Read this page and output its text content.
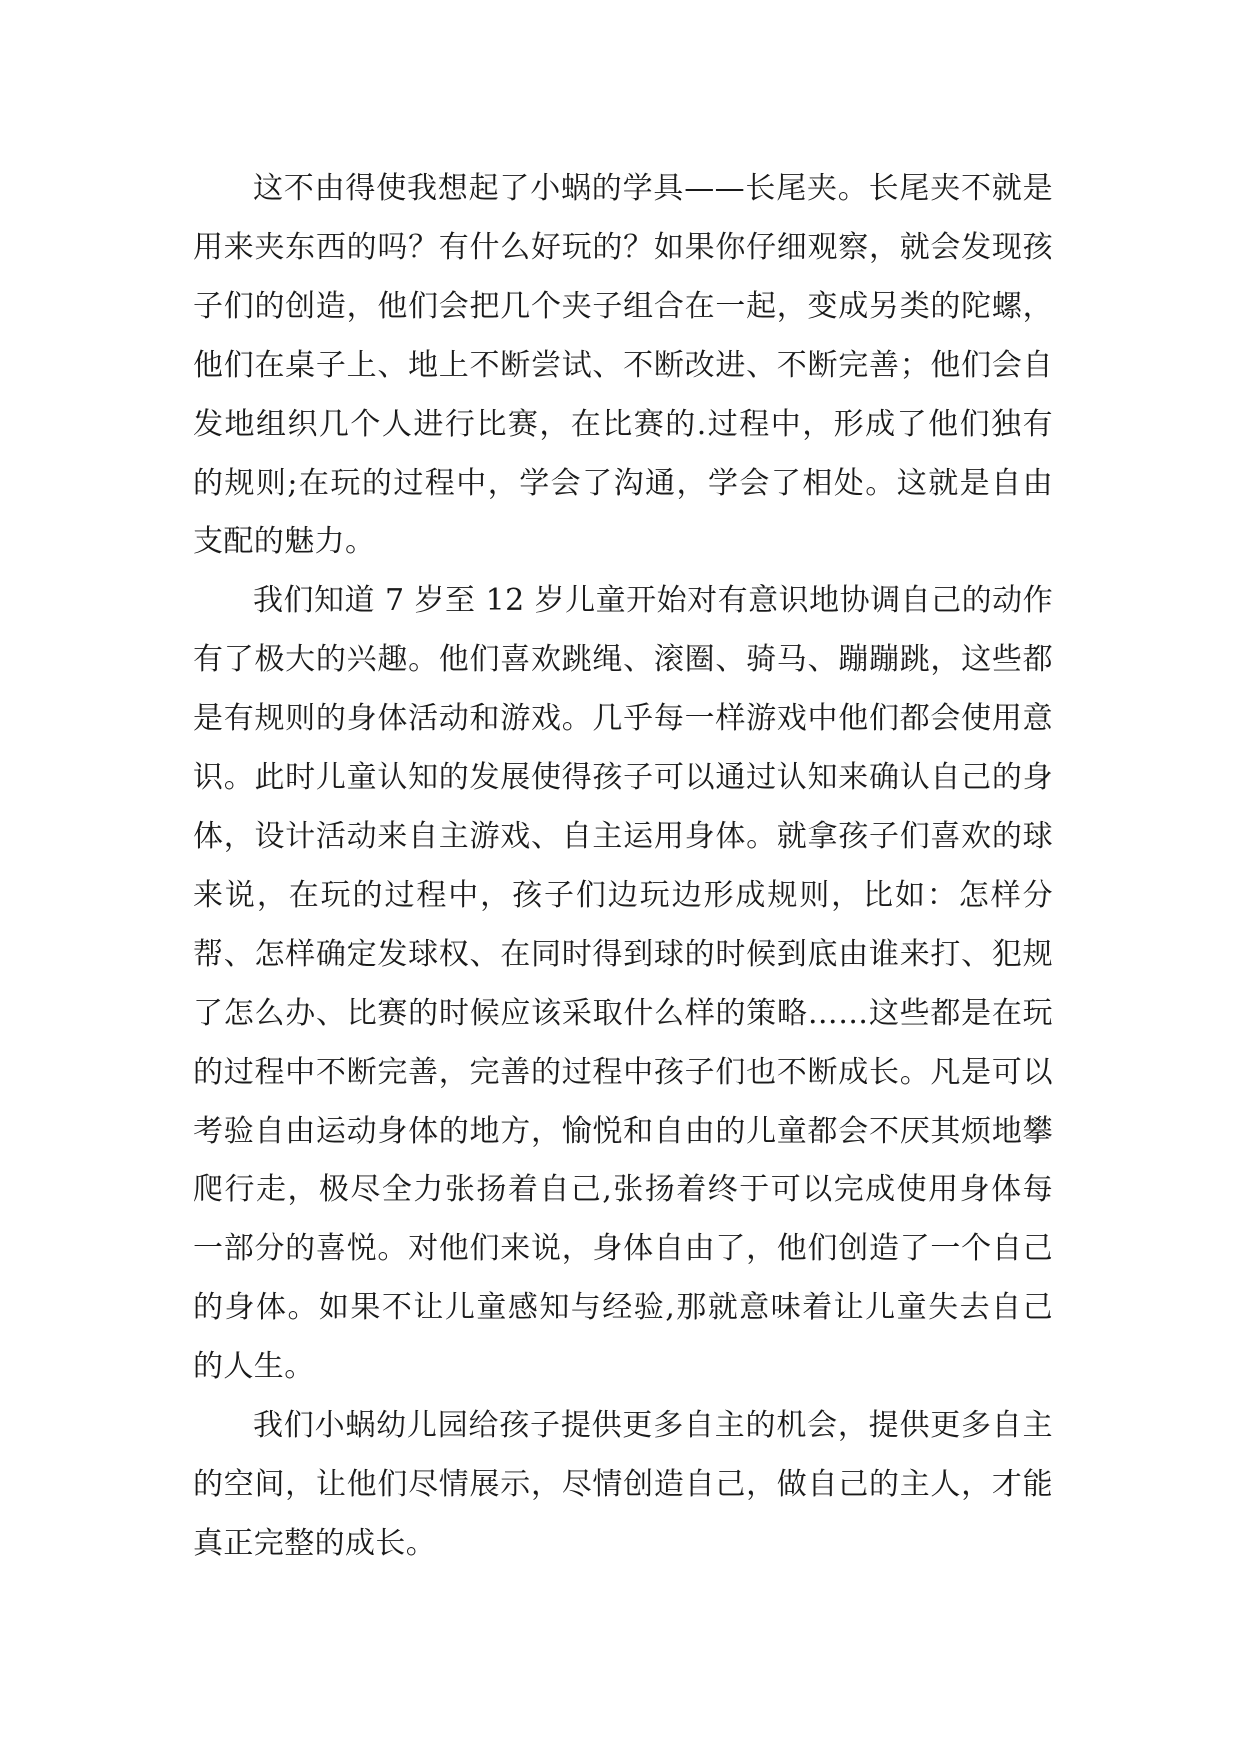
这不由得使我想起了小蜗的学具——长尾夹。长尾夹不就是用来夹东西的吗？有什么好玩的？如果你仔细观察，就会发现孩子们的创造，他们会把几个夹子组合在一起，变成另类的陀螺，他们在桌子上、地上不断尝试、不断改进、不断完善；他们会自发地组织几个人进行比赛，在比赛的.过程中，形成了他们独有的规则;在玩的过程中，学会了沟通，学会了相处。这就是自由支配的魅力。

我们知道 7 岁至 12 岁儿童开始对有意识地协调自己的动作有了极大的兴趣。他们喜欢跳绳、滚圈、骑马、蹦蹦跳，这些都是有规则的身体活动和游戏。几乎每一样游戏中他们都会使用意识。此时儿童认知的发展使得孩子可以通过认知来确认自己的身体，设计活动来自主游戏、自主运用身体。就拿孩子们喜欢的球来说，在玩的过程中，孩子们边玩边形成规则，比如：怎样分帮、怎样确定发球权、在同时得到球的时候到底由谁来打、犯规了怎么办、比赛的时候应该采取什么样的策略……这些都是在玩的过程中不断完善，完善的过程中孩子们也不断成长。凡是可以考验自由运动身体的地方，愉悦和自由的儿童都会不厌其烦地攀爬行走，极尽全力张扬着自己,张扬着终于可以完成使用身体每一部分的喜悦。对他们来说，身体自由了，他们创造了一个自己的身体。如果不让儿童感知与经验,那就意味着让儿童失去自己的人生。

我们小蜗幼儿园给孩子提供更多自主的机会，提供更多自主的空间，让他们尽情展示，尽情创造自己，做自己的主人，才能真正完整的成长。
